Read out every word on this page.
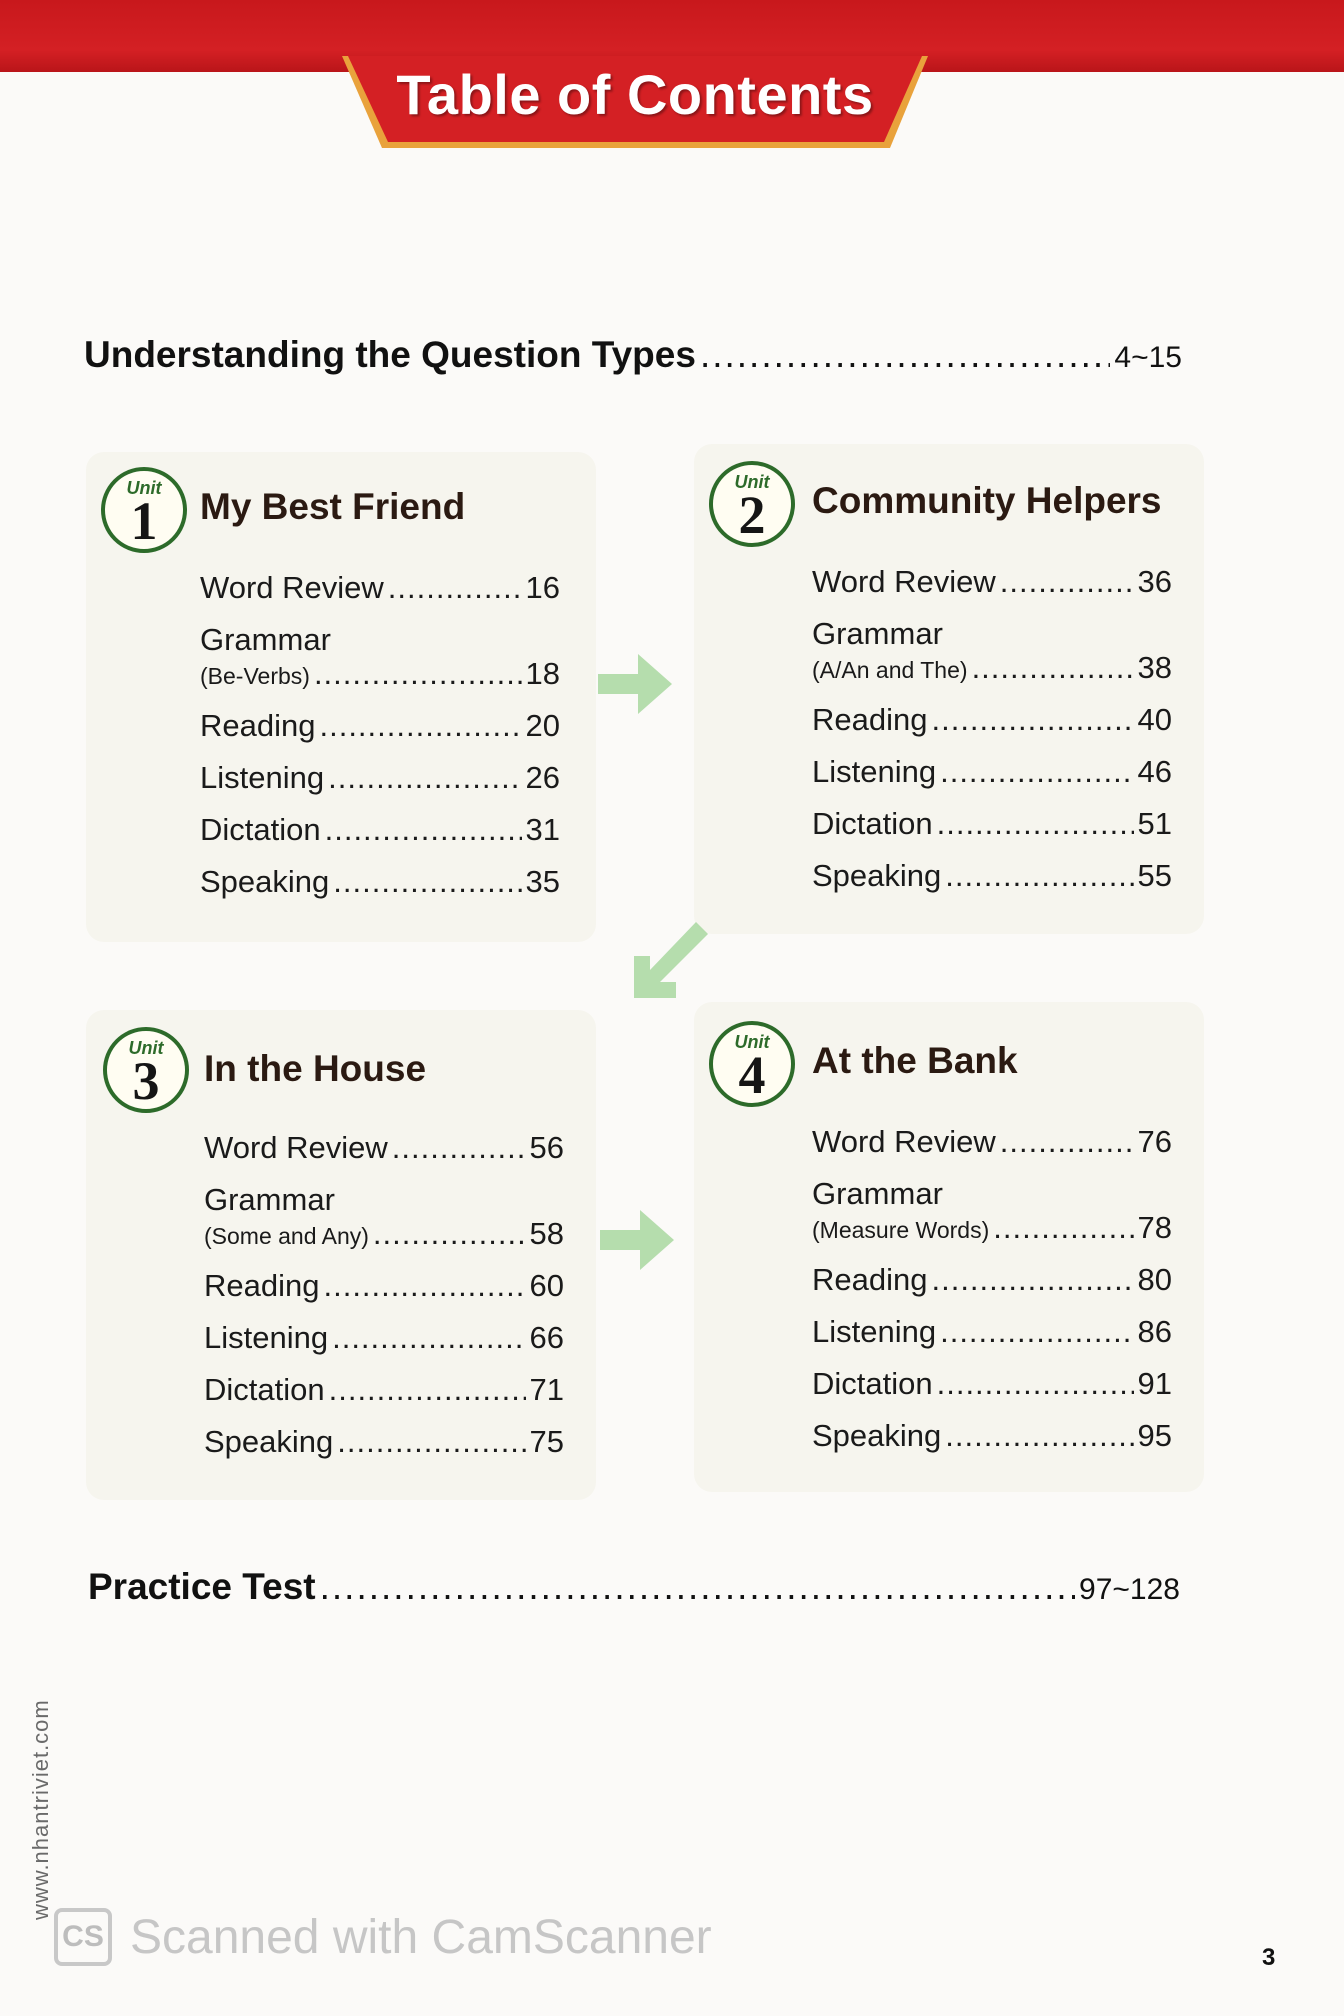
Table of Contents
Understanding the Question Types .....	4~15
Unit
1	My Best Friend
Word Review .....	16
Grammar
(Be-Verbs) .....	18
Reading .....	20
Listening .....	26
Dictation .....	31
Speaking .....	35
Unit
2	Community Helpers
Word Review .....	36
Grammar
(A/An and The) .....	38
Reading .....	40
Listening .....	46
Dictation .....	51
Speaking .....	55
Unit
3	In the House
Word Review .....	56
Grammar
(Some and Any) .....	58
Reading .....	60
Listening .....	66
Dictation .....	71
Speaking .....	75
Unit
4	At the Bank
Word Review .....	76
Grammar
(Measure Words) .....	78
Reading .....	80
Listening .....	86
Dictation .....	91
Speaking .....	95
Practice Test .....	97~128
www.nhantriviet.com
CS Scanned with CamScanner	3
